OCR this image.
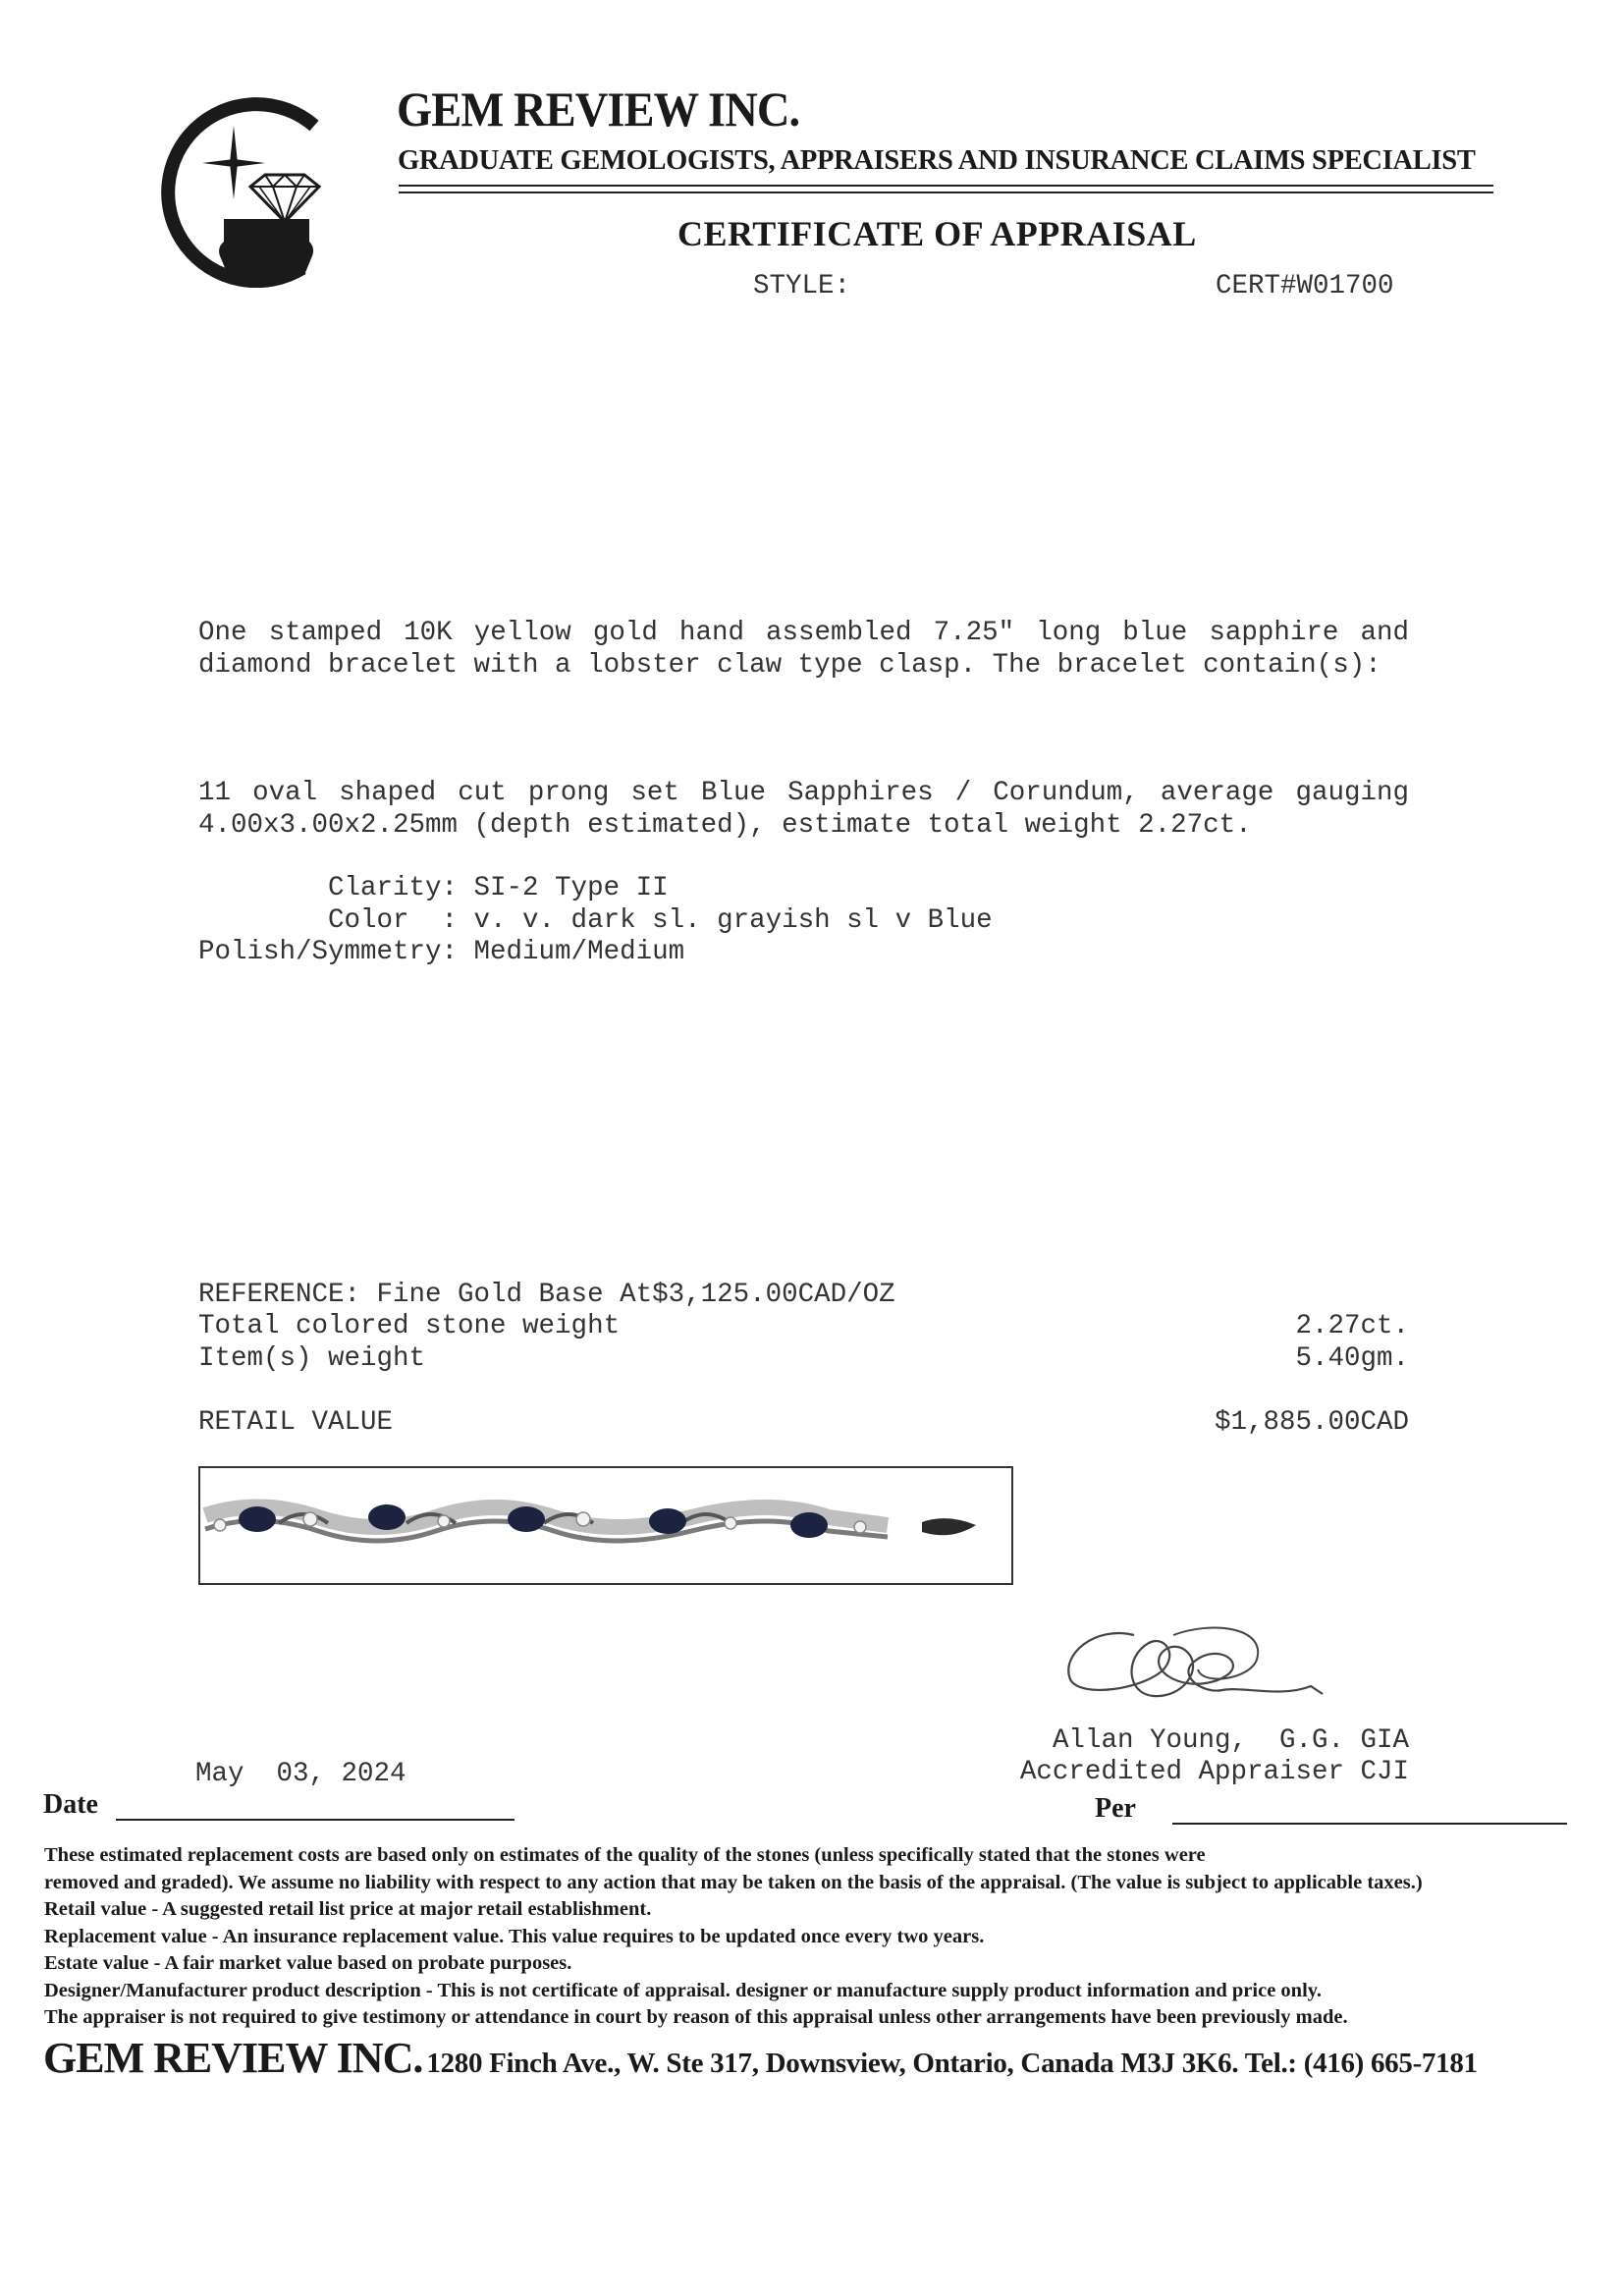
GEM REVIEW INC.
GRADUATE GEMOLOGISTS, APPRAISERS AND INSURANCE CLAIMS SPECIALIST
CERTIFICATE OF APPRAISAL
STYLE:	CERT#W01700
One stamped 10K yellow gold hand assembled 7.25" long blue sapphire and diamond bracelet with a lobster claw type clasp. The bracelet contain(s):
11 oval shaped cut prong set Blue Sapphires / Corundum, average gauging 4.00x3.00x2.25mm (depth estimated), estimate total weight 2.27ct.
Clarity: SI-2 Type II
Color  : v. v. dark sl. grayish sl v Blue
Polish/Symmetry: Medium/Medium
REFERENCE: Fine Gold Base At$3,125.00CAD/OZ
Total colored stone weight	2.27ct.
Item(s) weight	5.40gm.
RETAIL VALUE	$1,885.00CAD
Allan Young,  G.G. GIA
Accredited Appraiser CJI
May  03, 2024
Date	Per
These estimated replacement costs are based only on estimates of the quality of the stones (unless specifically stated that the stones were
removed and graded). We assume no liability with respect to any action that may be taken on the basis of the appraisal. (The value is subject to applicable taxes.)
Retail value - A suggested retail list price at major retail establishment.
Replacement value - An insurance replacement value. This value requires to be updated once every two years.
Estate value - A fair market value based on probate purposes.
Designer/Manufacturer product description - This is not certificate of appraisal. designer or manufacture supply product information and price only.
The appraiser is not required to give testimony or attendance in court by reason of this appraisal unless other arrangements have been previously made.
GEM REVIEW INC. 1280 Finch Ave., W. Ste 317, Downsview, Ontario, Canada M3J 3K6. Tel.: (416) 665-7181
